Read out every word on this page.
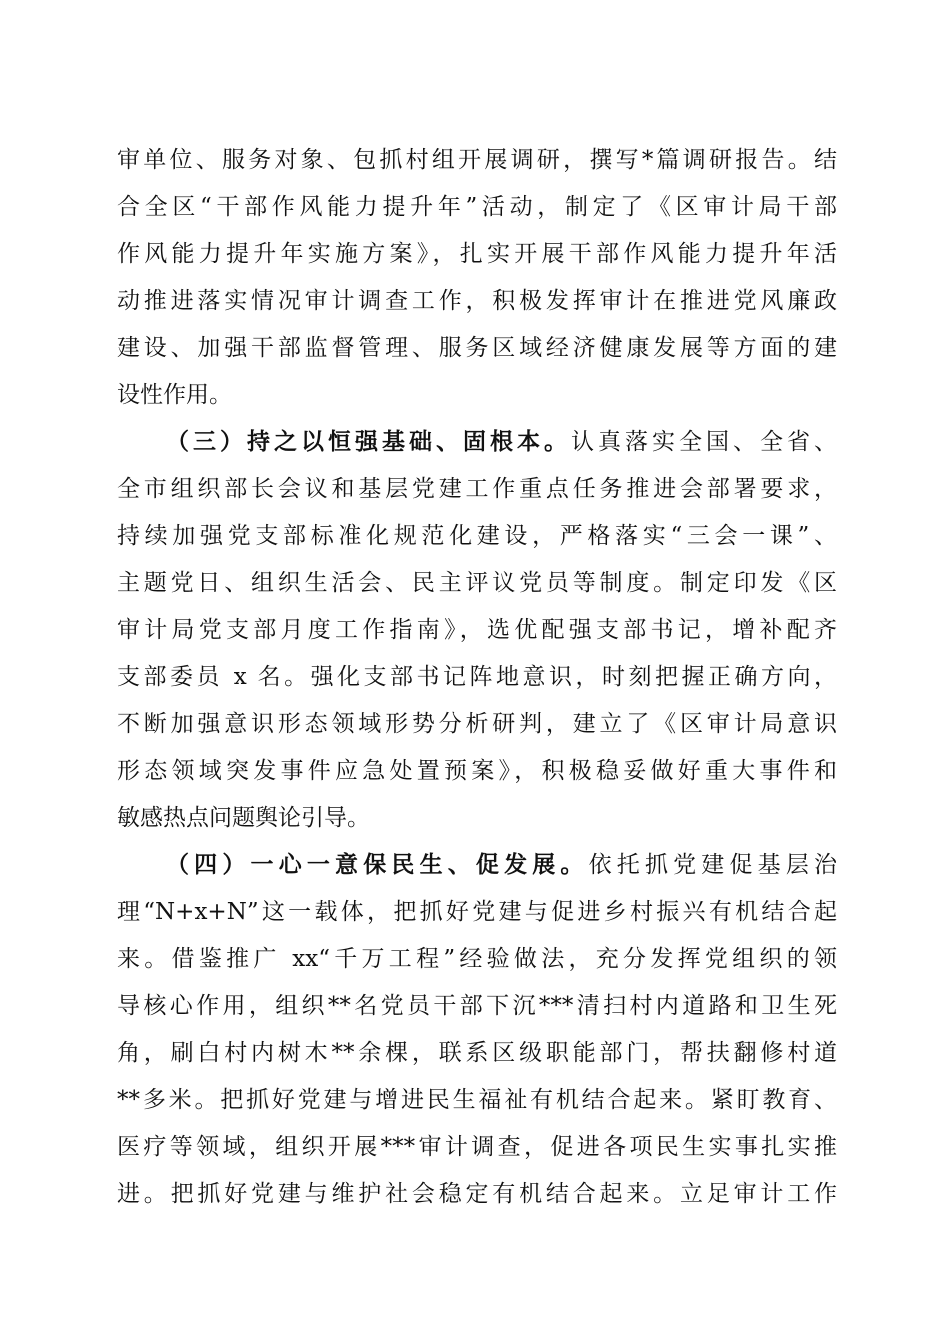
审单位、服务对象、包抓村组开展调研，撰写*篇调研报告。结
合全区“干部作风能力提升年”活动，制定了《区审计局干部
作风能力提升年实施方案》，扎实开展干部作风能力提升年活
动推进落实情况审计调查工作，积极发挥审计在推进党风廉政
建设、加强干部监督管理、服务区域经济健康发展等方面的建
设性作用。
（三）持之以恒强基础、固根本。认真落实全国、全省、
全市组织部长会议和基层党建工作重点任务推进会部署要求，
持续加强党支部标准化规范化建设，严格落实“三会一课”、
主题党日、组织生活会、民主评议党员等制度。制定印发《区
审计局党支部月度工作指南》，选优配强支部书记，增补配齐
支部委员 x 名。强化支部书记阵地意识，时刻把握正确方向，
不断加强意识形态领域形势分析研判，建立了《区审计局意识
形态领域突发事件应急处置预案》，积极稳妥做好重大事件和
敏感热点问题舆论引导。
（四）一心一意保民生、促发展。依托抓党建促基层治
理“N+x+N”这一载体，把抓好党建与促进乡村振兴有机结合起
来。借鉴推广 xx“千万工程”经验做法，充分发挥党组织的领
导核心作用，组织**名党员干部下沉***清扫村内道路和卫生死
角，刷白村内树木**余棵，联系区级职能部门，帮扶翻修村道
**多米。把抓好党建与增进民生福祉有机结合起来。紧盯教育、
医疗等领域，组织开展***审计调查，促进各项民生实事扎实推
进。把抓好党建与维护社会稳定有机结合起来。立足审计工作
